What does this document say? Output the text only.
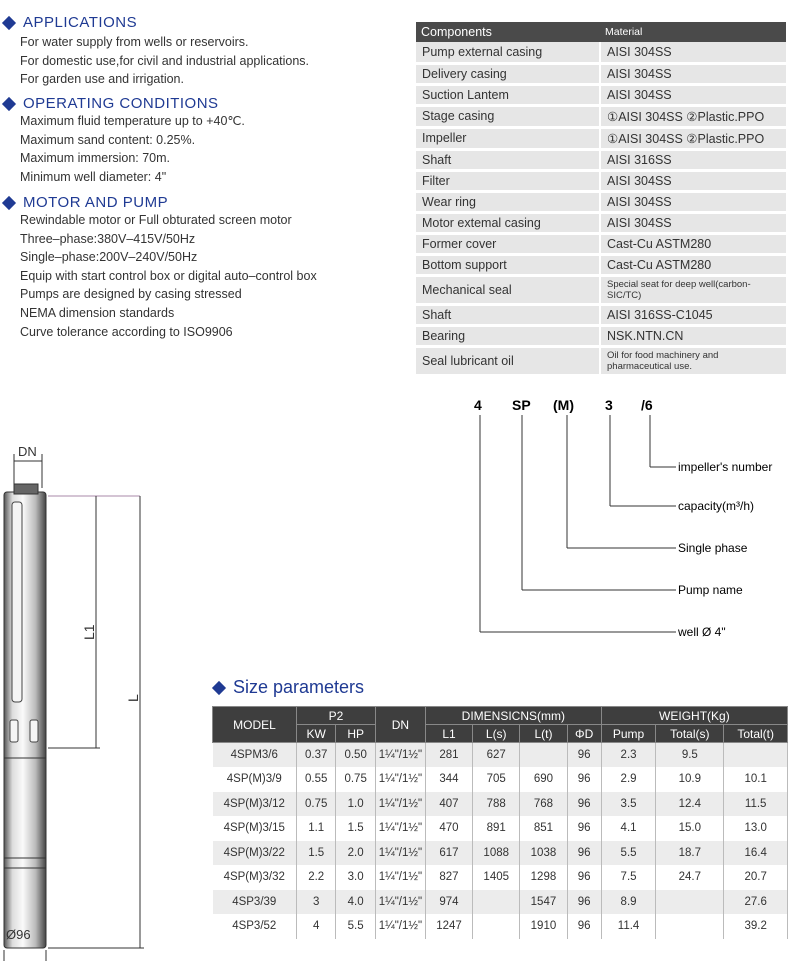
APPLICATIONS
For water supply from wells or reservoirs.
For domestic use,for civil and industrial applications.
For garden use and irrigation.
OPERATING CONDITIONS
Maximum fluid temperature up to +40℃.
Maximum sand content: 0.25%.
Maximum immersion: 70m.
Minimum well diameter: 4"
MOTOR AND PUMP
Rewindable motor or Full obturated screen motor
Three–phase:380V–415V/50Hz
Single–phase:200V–240V/50Hz
Equip with start control box or digital auto–control box
Pumps are designed by casing stressed
NEMA dimension standards
Curve tolerance according to ISO9906
Components	Material
Pump external casing	AISI 304SS
Delivery casing	AISI 304SS
Suction Lantem	AISI 304SS
Stage casing	①AISI 304SS ②Plastic.PPO
Impeller	①AISI 304SS ②Plastic.PPO
Shaft	AISI 316SS
Filter	AISI 304SS
Wear ring	AISI 304SS
Motor extemal casing	AISI 304SS
Former cover	Cast-Cu ASTM280
Bottom support	Cast-Cu ASTM280
Mechanical seal	Special seat for deep well(carbon-SIC/TC)
Shaft	AISI 316SS-C1045
Bearing	NSK.NTN.CN
Seal lubricant oil	Oil for food machinery and pharmaceutical use.
4 SP (M) 3 /6
impeller's number
capacity(m³/h)
Single phase
Pump name
well Ø 4"
DN
L1
L
Ø96
Size parameters
MODEL	P2		DN	DIMENSICNS(mm)				WEIGHT(Kg)		
	KW	HP		L1	L(s)	L(t)	ΦD	Pump	Total(s)	Total(t)
4SPM3/6	0.37	0.50	1¼"/1½"	281	627		96	2.3	9.5	
4SP(M)3/9	0.55	0.75	1¼"/1½"	344	705	690	96	2.9	10.9	10.1
4SP(M)3/12	0.75	1.0	1¼"/1½"	407	788	768	96	3.5	12.4	11.5
4SP(M)3/15	1.1	1.5	1¼"/1½"	470	891	851	96	4.1	15.0	13.0
4SP(M)3/22	1.5	2.0	1¼"/1½"	617	1088	1038	96	5.5	18.7	16.4
4SP(M)3/32	2.2	3.0	1¼"/1½"	827	1405	1298	96	7.5	24.7	20.7
4SP3/39	3	4.0	1¼"/1½"	974		1547	96	8.9		27.6
4SP3/52	4	5.5	1¼"/1½"	1247		1910	96	11.4		39.2
